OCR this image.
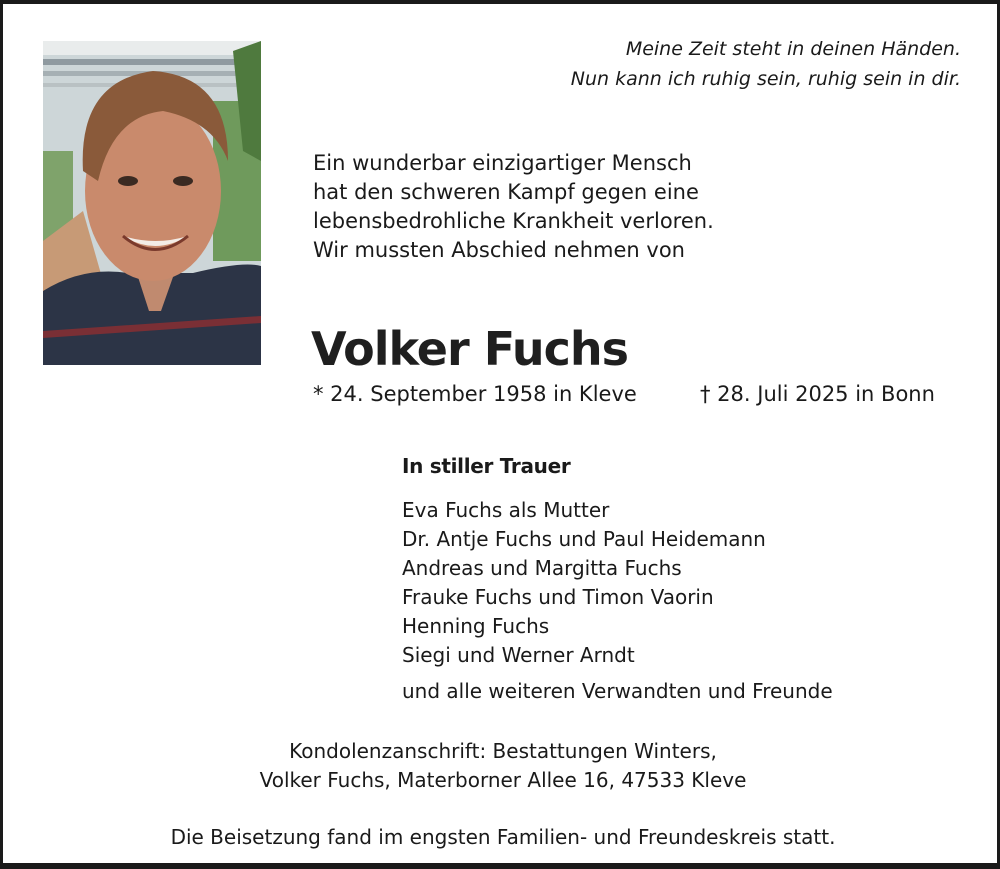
Meine Zeit steht in deinen Händen.
Nun kann ich ruhig sein, ruhig sein in dir.
Ein wunderbar einzigartiger Mensch
hat den schweren Kampf gegen eine
lebensbedrohliche Krankheit verloren.
Wir mussten Abschied nehmen von
Volker Fuchs
* 24. September 1958 in Kleve	† 28. Juli 2025 in Bonn
In stiller Trauer
Eva Fuchs als Mutter
Dr. Antje Fuchs und Paul Heidemann
Andreas und Margitta Fuchs
Frauke Fuchs und Timon Vaorin
Henning Fuchs
Siegi und Werner Arndt
und alle weiteren Verwandten und Freunde
Kondolenzanschrift: Bestattungen Winters,
Volker Fuchs, Materborner Allee 16, 47533 Kleve
Die Beisetzung fand im engsten Familien- und Freundeskreis statt.
